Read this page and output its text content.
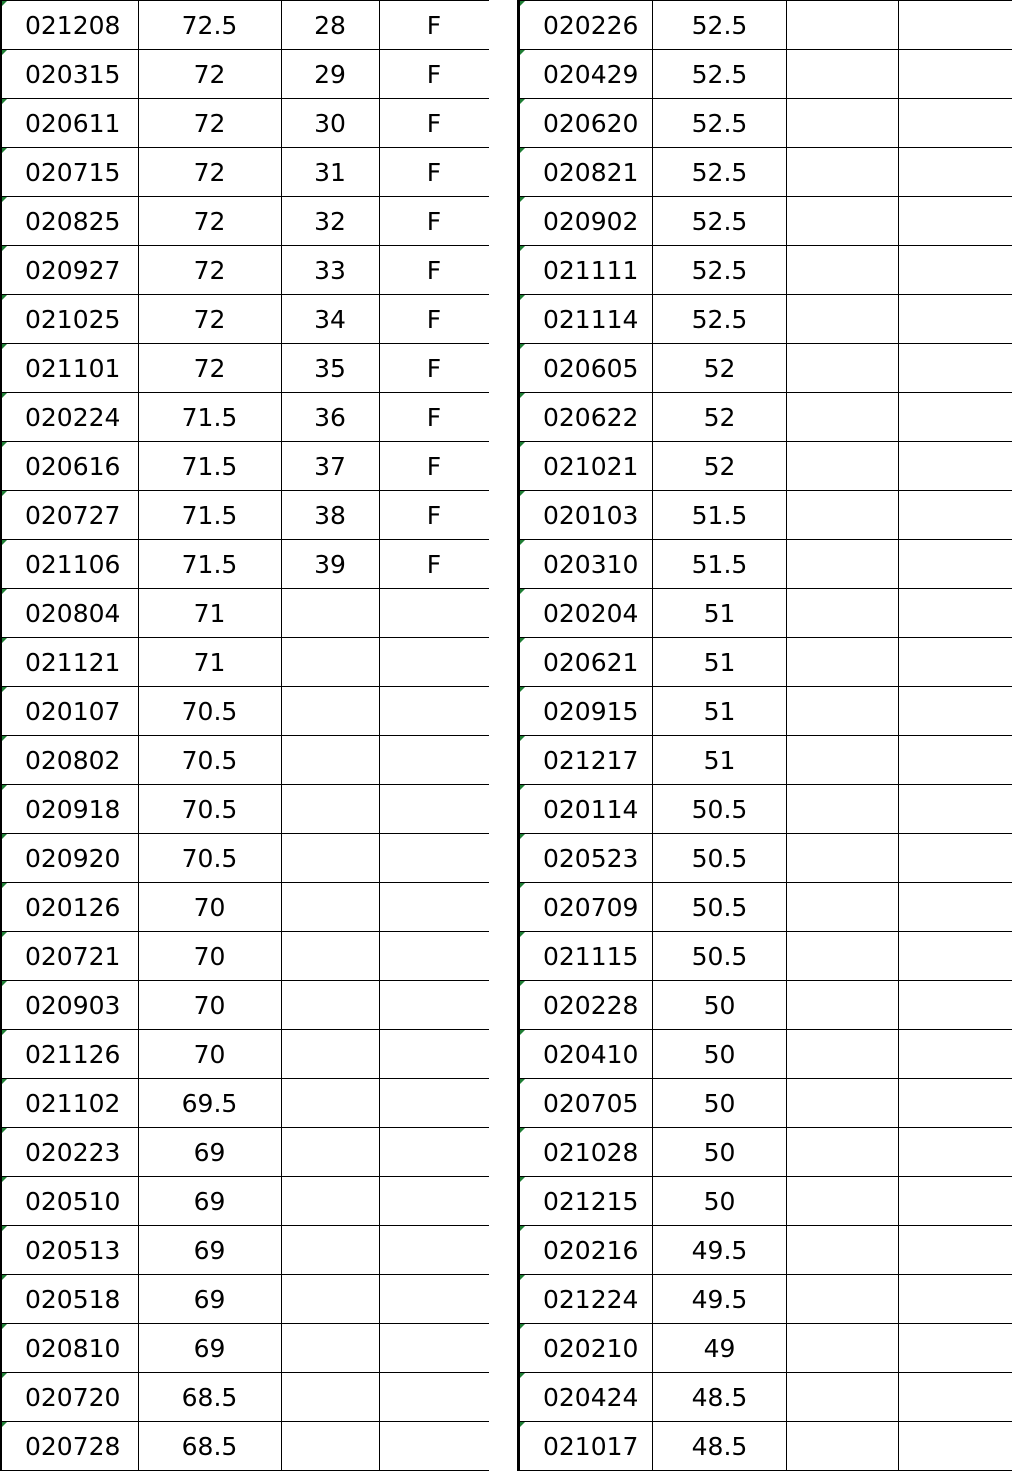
021208	72.5	28	F
020315	72	29	F
020611	72	30	F
020715	72	31	F
020825	72	32	F
020927	72	33	F
021025	72	34	F
021101	72	35	F
020224	71.5	36	F
020616	71.5	37	F
020727	71.5	38	F
021106	71.5	39	F
020804	71		
021121	71		
020107	70.5		
020802	70.5		
020918	70.5		
020920	70.5		
020126	70		
020721	70		
020903	70		
021126	70		
021102	69.5		
020223	69		
020510	69		
020513	69		
020518	69		
020810	69		
020720	68.5		
020728	68.5		
020226	52.5		
020429	52.5		
020620	52.5		
020821	52.5		
020902	52.5		
021111	52.5		
021114	52.5		
020605	52		
020622	52		
021021	52		
020103	51.5		
020310	51.5		
020204	51		
020621	51		
020915	51		
021217	51		
020114	50.5		
020523	50.5		
020709	50.5		
021115	50.5		
020228	50		
020410	50		
020705	50		
021028	50		
021215	50		
020216	49.5		
021224	49.5		
020210	49		
020424	48.5		
021017	48.5		
